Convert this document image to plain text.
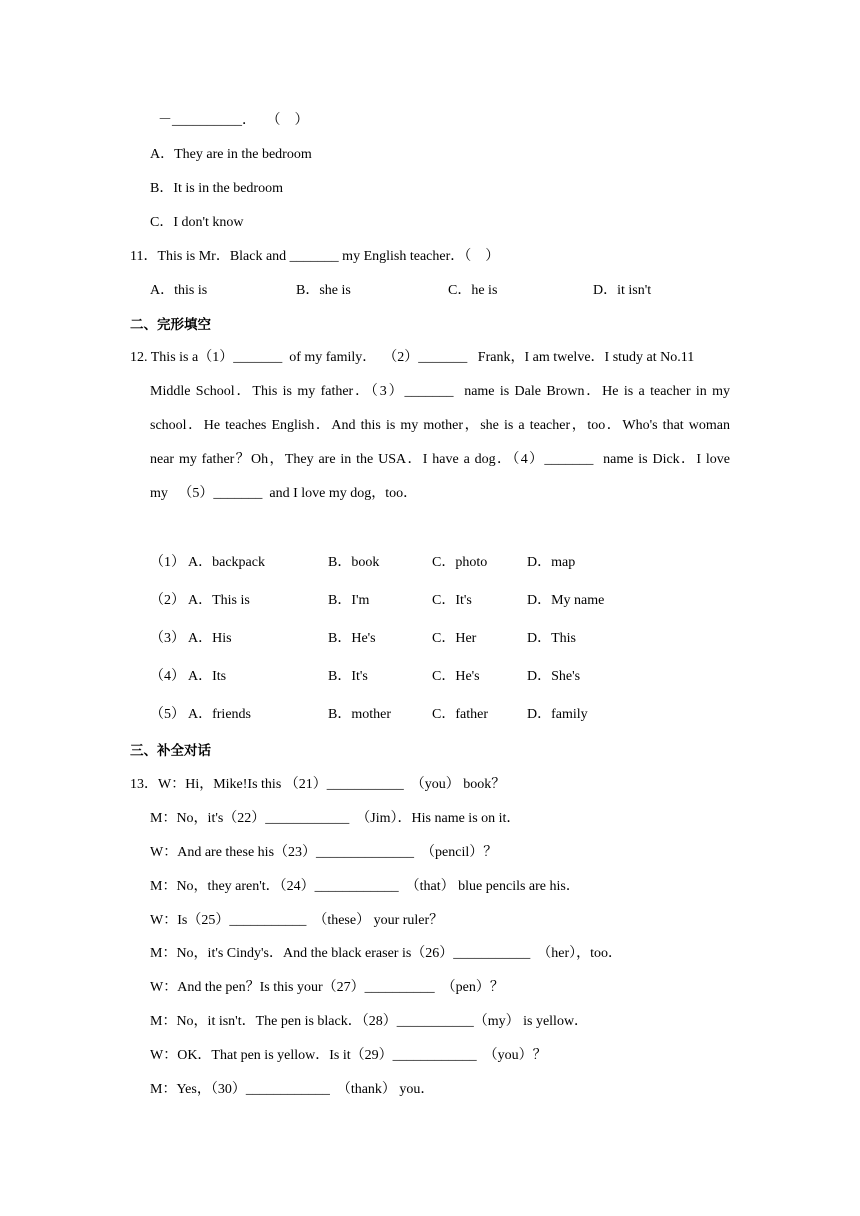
－__________．   （    ）
A．They are in the bedroom
B．It is in the bedroom
C．I don't know
11．This is Mr．Black and _______ my English teacher．（    ）
A．this is	B．she is	C．he is	D．it isn't
二、完形填空
12. This is a（1）_______  of my family．  （2）_______   Frank，I am twelve．I study at No.11
Middle School．This is my father．（3）_______  name is Dale Brown．He is a teacher in my
school．He teaches English．And this is my mother，she is a teacher，too．Who's that woman
near my father？Oh，They are in the USA．I have a dog．（4）_______  name is Dick．I love
my   （5）_______  and I love my dog，too．
（1） A．backpack	B．book	C．photo	D．map
（2） A．This is	B．I'm	C．It's	D．My name
（3） A．His	B．He's	C．Her	D．This
（4） A．Its	B．It's	C．He's	D．She's
（5） A．friends	B．mother	C．father	D．family
三、补全对话
13．W：Hi，Mike!Is this （21）___________  （you） book？
M：No，it's（22）____________  （Jim）．His name is on it．
W：And are these his（23）______________  （pencil）？
M：No，they aren't．（24）____________  （that） blue pencils are his．
W：Is（25）___________  （these） your ruler？
M：No，it's Cindy's．And the black eraser is（26）___________  （her），too．
W：And the pen？Is this your（27）__________  （pen）？
M：No，it isn't．The pen is black．（28）___________（my） is yellow．
W：OK．That pen is yellow．Is it（29）____________  （you）？
M：Yes，（30）____________  （thank） you．
